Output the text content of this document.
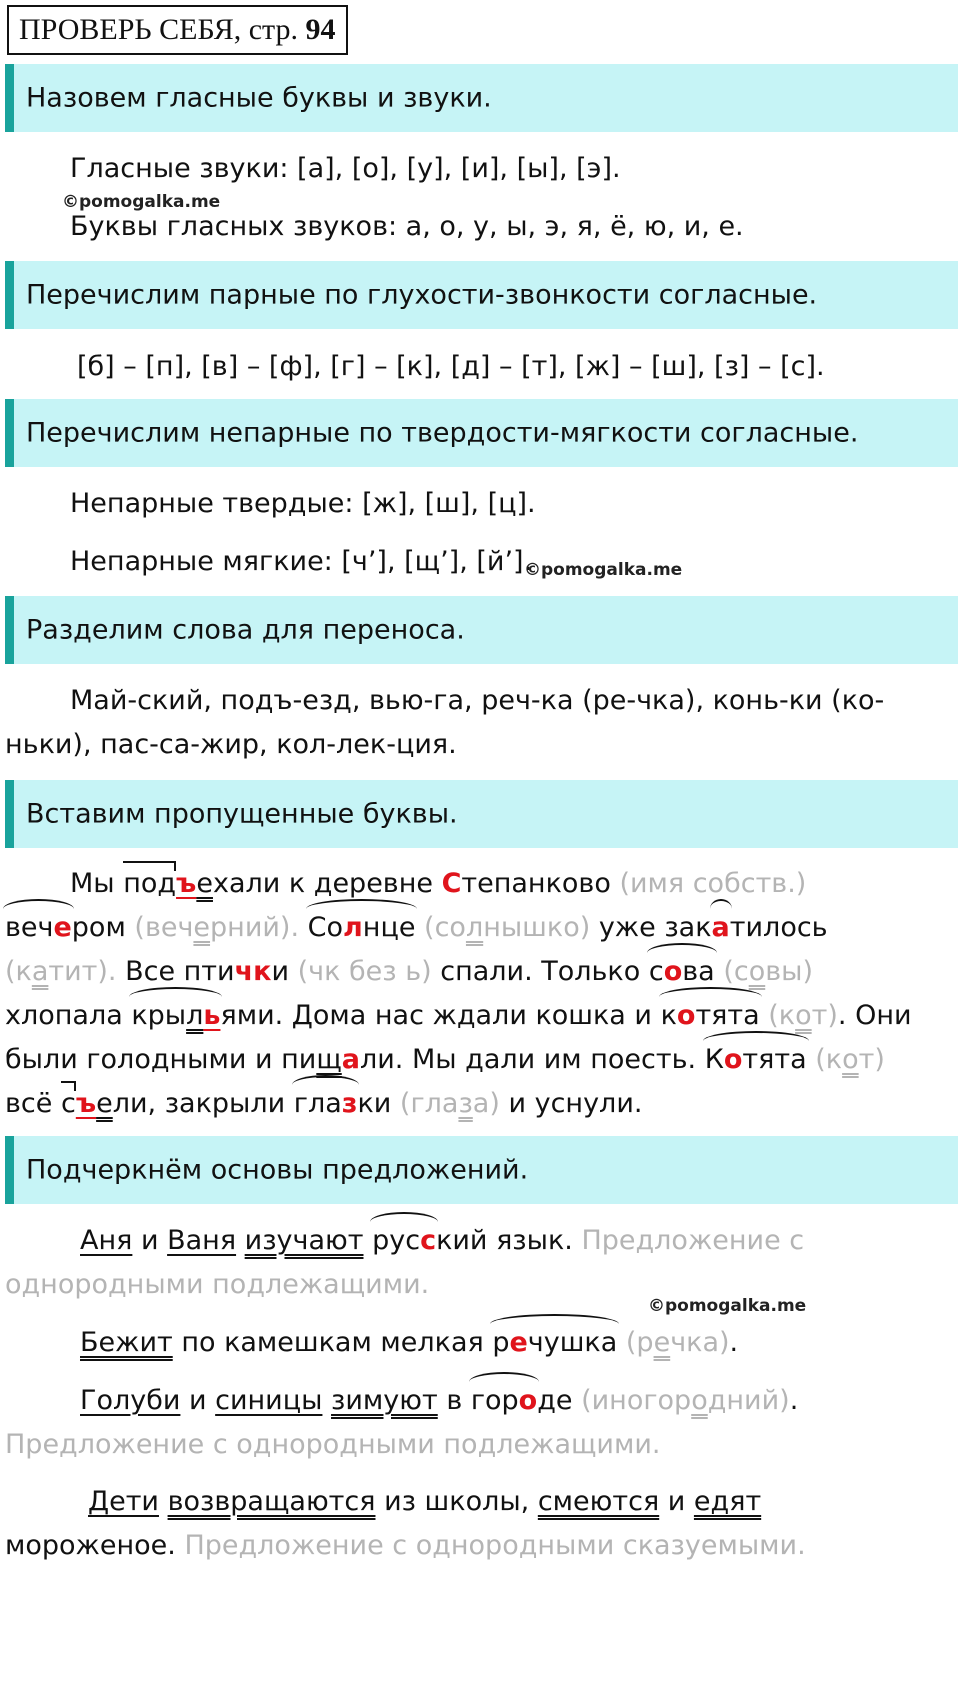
ПРОВЕРЬ СЕБЯ, стр. 94
Назовем гласные буквы и звуки.
Гласные звуки: [а], [о], [у], [и], [ы], [э].
©pomogalka.me
Буквы гласных звуков: а, о, у, ы, э, я, ё, ю, и, е.
Перечислим парные по глухости-звонкости согласные.
[б] – [п], [в] – [ф], [г] – [к], [д] – [т], [ж] – [ш], [з] – [с].
Перечислим непарные по твердости-мягкости согласные.
Непарные твердые: [ж], [ш], [ц].
Непарные мягкие: [ч’], [щ’], [й’].
©pomogalka.me
Разделим слова для переноса.
Май-ский, подъ-езд, вью-га, реч-ка (ре-чка), конь-ки (ко-
ньки), пас-са-жир, кол-лек-ция.
Вставим пропущенные буквы.
Мы подъехали к деревне Степанково (имя собств.)
вечером (вечерний). Солнце (солнышко) уже закатилось
(катит). Все птички (чк без ь) спали. Только сова (совы)
хлопала крыльями. Дома нас ждали кошка и котята (кот). Они
были голодными и пищали. Мы дали им поесть. Котята (кот)
всё съели, закрыли глазки (глаза) и уснули.
Подчеркнём основы предложений.
Аня и Ваня изучают русский язык. Предложение с
однородными подлежащими.
©pomogalka.me
Бежит по камешкам мелкая речушка (речка).
Голуби и синицы зимуют в городе (иногородний).
Предложение с однородными подлежащими.
Дети возвращаются из школы, смеются и едят
мороженое. Предложение с однородными сказуемыми.
